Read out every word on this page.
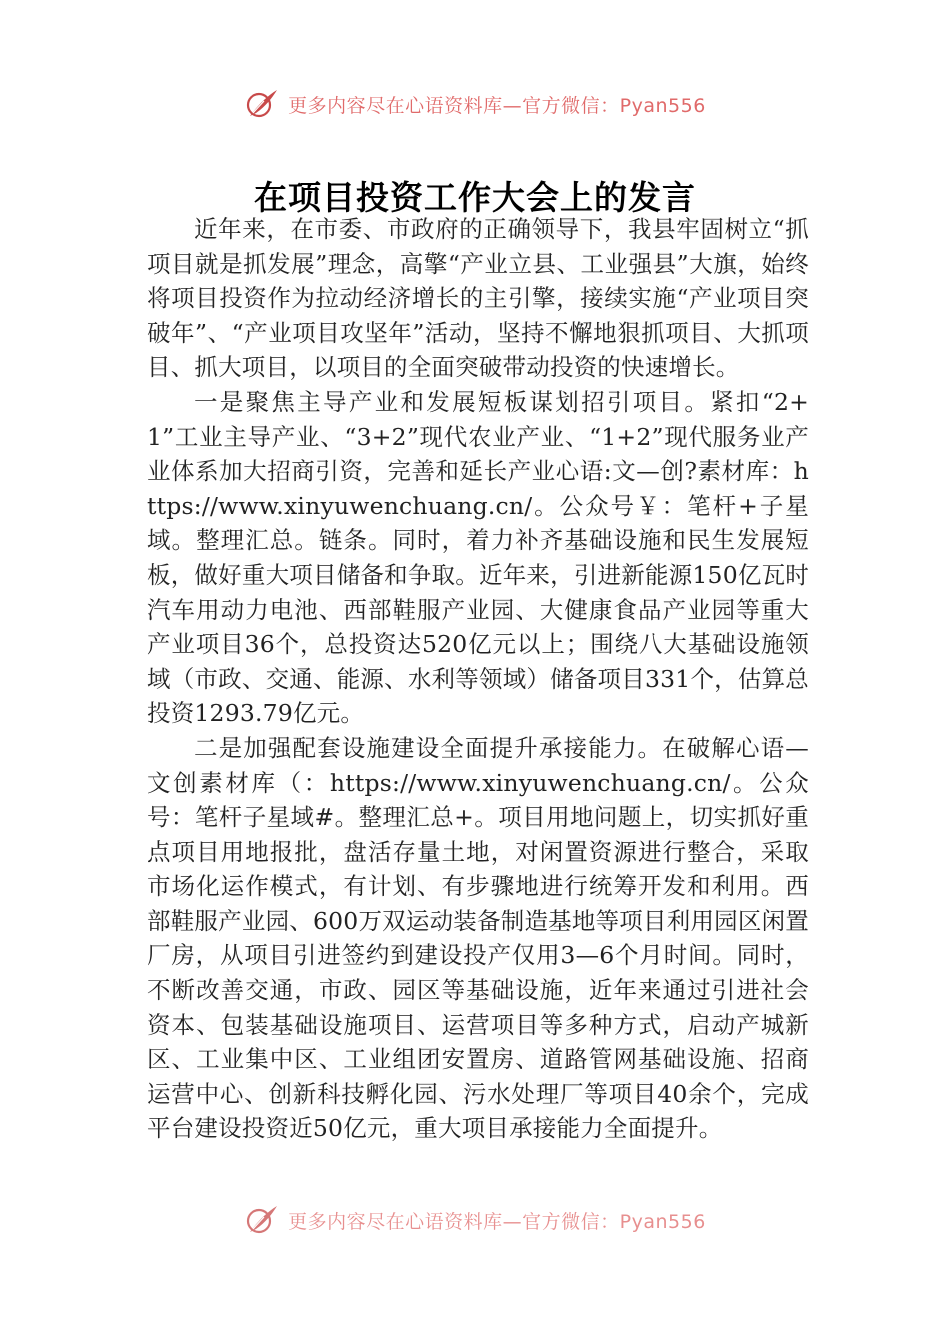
更多内容尽在心语资料库—官方微信：Pyan556
在项目投资工作大会上的发言

近年来，在市委、市政府的正确领导下，我县牢固树立“抓项目就是抓发展”理念，高擎“产业立县、工业强县”大旗，始终将项目投资作为拉动经济增长的主引擎，接续实施“产业项目突破年”、“产业项目攻坚年”活动，坚持不懈地狠抓项目、大抓项目、抓大项目，以项目的全面突破带动投资的快速增长。

一是聚焦主导产业和发展短板谋划招引项目。紧扣“2+1”工业主导产业、“3+2”现代农业产业、“1+2”现代服务业产业体系加大招商引资，完善和延长产业心语:文—创?素材库：https://www.xinyuwenchuang.cn/。公众号￥：笔杆+子星域。整理汇总。链条。同时，着力补齐基础设施和民生发展短板，做好重大项目储备和争取。近年来，引进新能源150亿瓦时汽车用动力电池、西部鞋服产业园、大健康食品产业园等重大产业项目36个，总投资达520亿元以上；围绕八大基础设施领域（市政、交通、能源、水利等领域）储备项目331个，估算总投资1293.79亿元。

二是加强配套设施建设全面提升承接能力。在破解心语—文创素材库（：https://www.xinyuwenchuang.cn/。公众号：笔杆子星域#。整理汇总+。项目用地问题上，切实抓好重点项目用地报批，盘活存量土地，对闲置资源进行整合，采取市场化运作模式，有计划、有步骤地进行统筹开发和利用。西部鞋服产业园、600万双运动装备制造基地等项目利用园区闲置厂房，从项目引进签约到建设投产仅用3—6个月时间。同时，不断改善交通，市政、园区等基础设施，近年来通过引进社会资本、包装基础设施项目、运营项目等多种方式，启动产城新区、工业集中区、工业组团安置房、道路管网基础设施、招商运营中心、创新科技孵化园、污水处理厂等项目40余个，完成平台建设投资近50亿元，重大项目承接能力全面提升。

更多内容尽在心语资料库—官方微信：Pyan556
